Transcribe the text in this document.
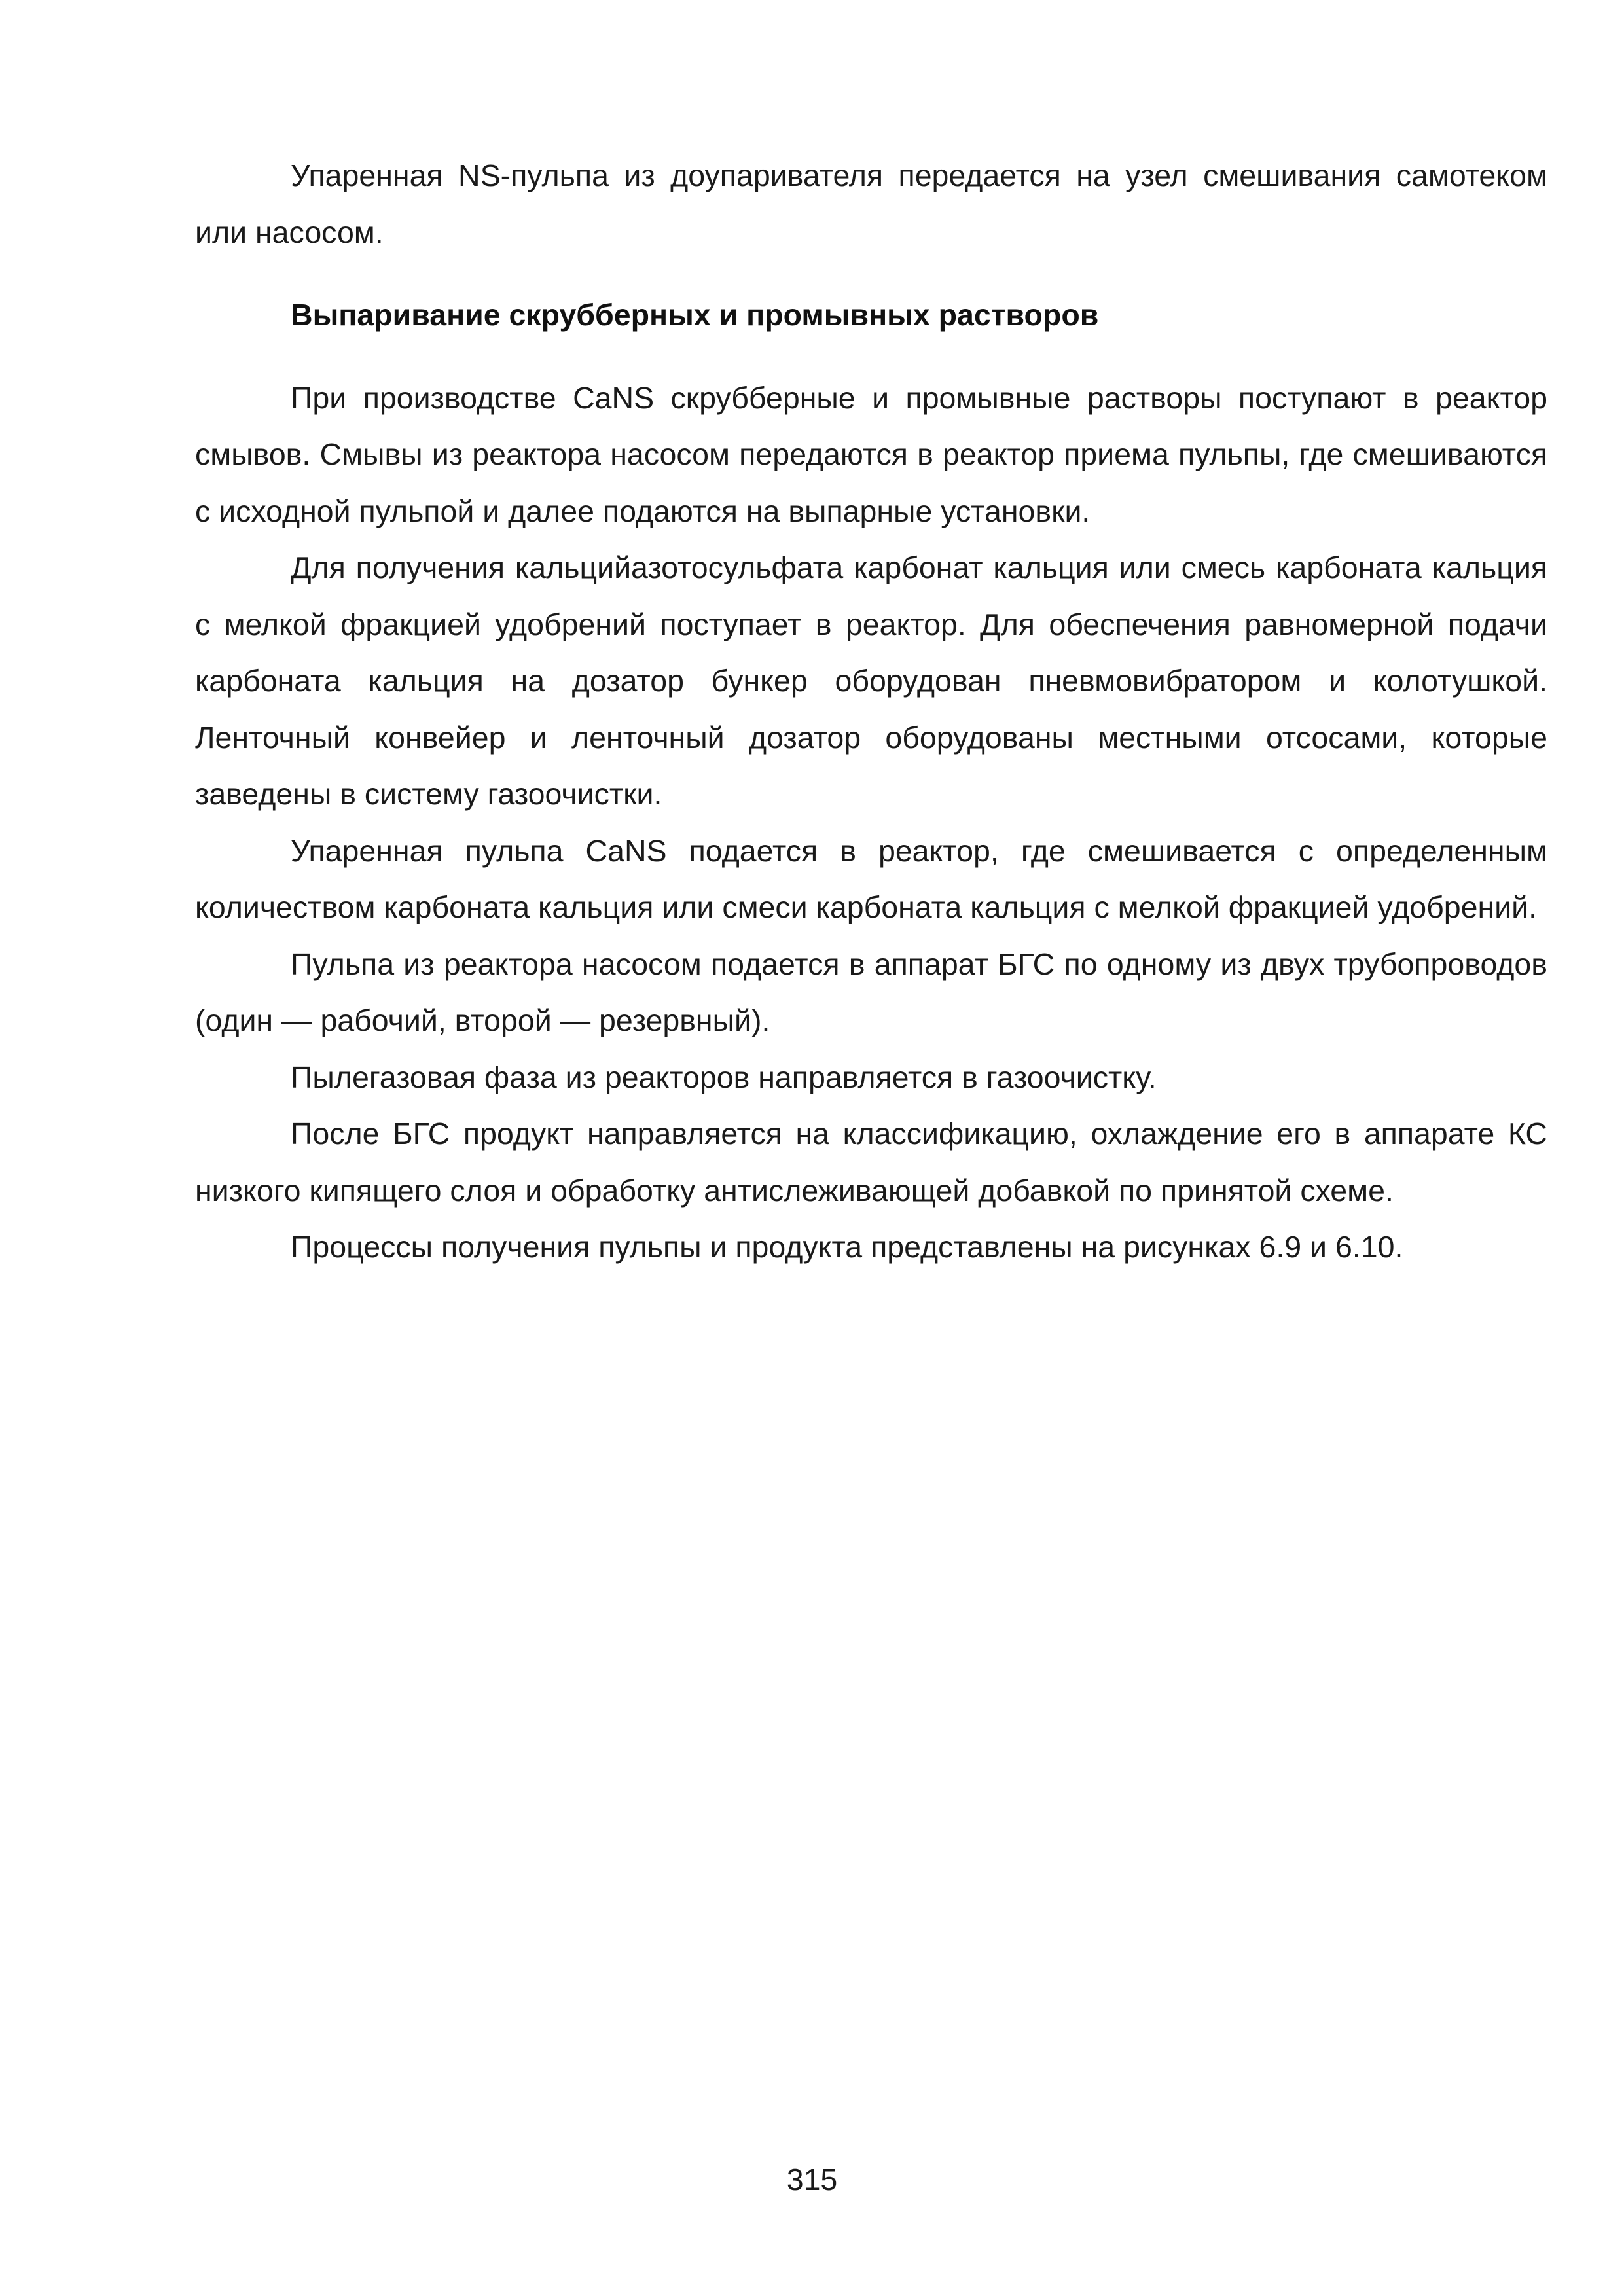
Упаренная NS-пульпа из доупаривателя передается на узел смешивания самотеком или насосом.

Выпаривание скрубберных и промывных растворов

При производстве CaNS скрубберные и промывные растворы поступают в реактор смывов. Смывы из реактора насосом передаются в реактор приема пульпы, где смешиваются с исходной пульпой и далее подаются на выпарные установки.

Для получения кальцийазотосульфата карбонат кальция или смесь карбоната кальция с мелкой фракцией удобрений поступает в реактор. Для обеспечения равномерной подачи карбоната кальция на дозатор бункер оборудован пневмовибратором и колотушкой. Ленточный конвейер и ленточный дозатор оборудованы местными отсосами, которые заведены в систему газоочистки.

Упаренная пульпа CaNS подается в реактор, где смешивается с определенным количеством карбоната кальция или смеси карбоната кальция с мелкой фракцией удобрений.

Пульпа из реактора насосом подается в аппарат БГС по одному из двух трубопроводов (один — рабочий, второй — резервный).

Пылегазовая фаза из реакторов направляется в газоочистку.

После БГС продукт направляется на классификацию, охлаждение его в аппарате КС низкого кипящего слоя и обработку антислеживающей добавкой по принятой схеме.

Процессы получения пульпы и продукта представлены на рисунках 6.9 и 6.10.

315
